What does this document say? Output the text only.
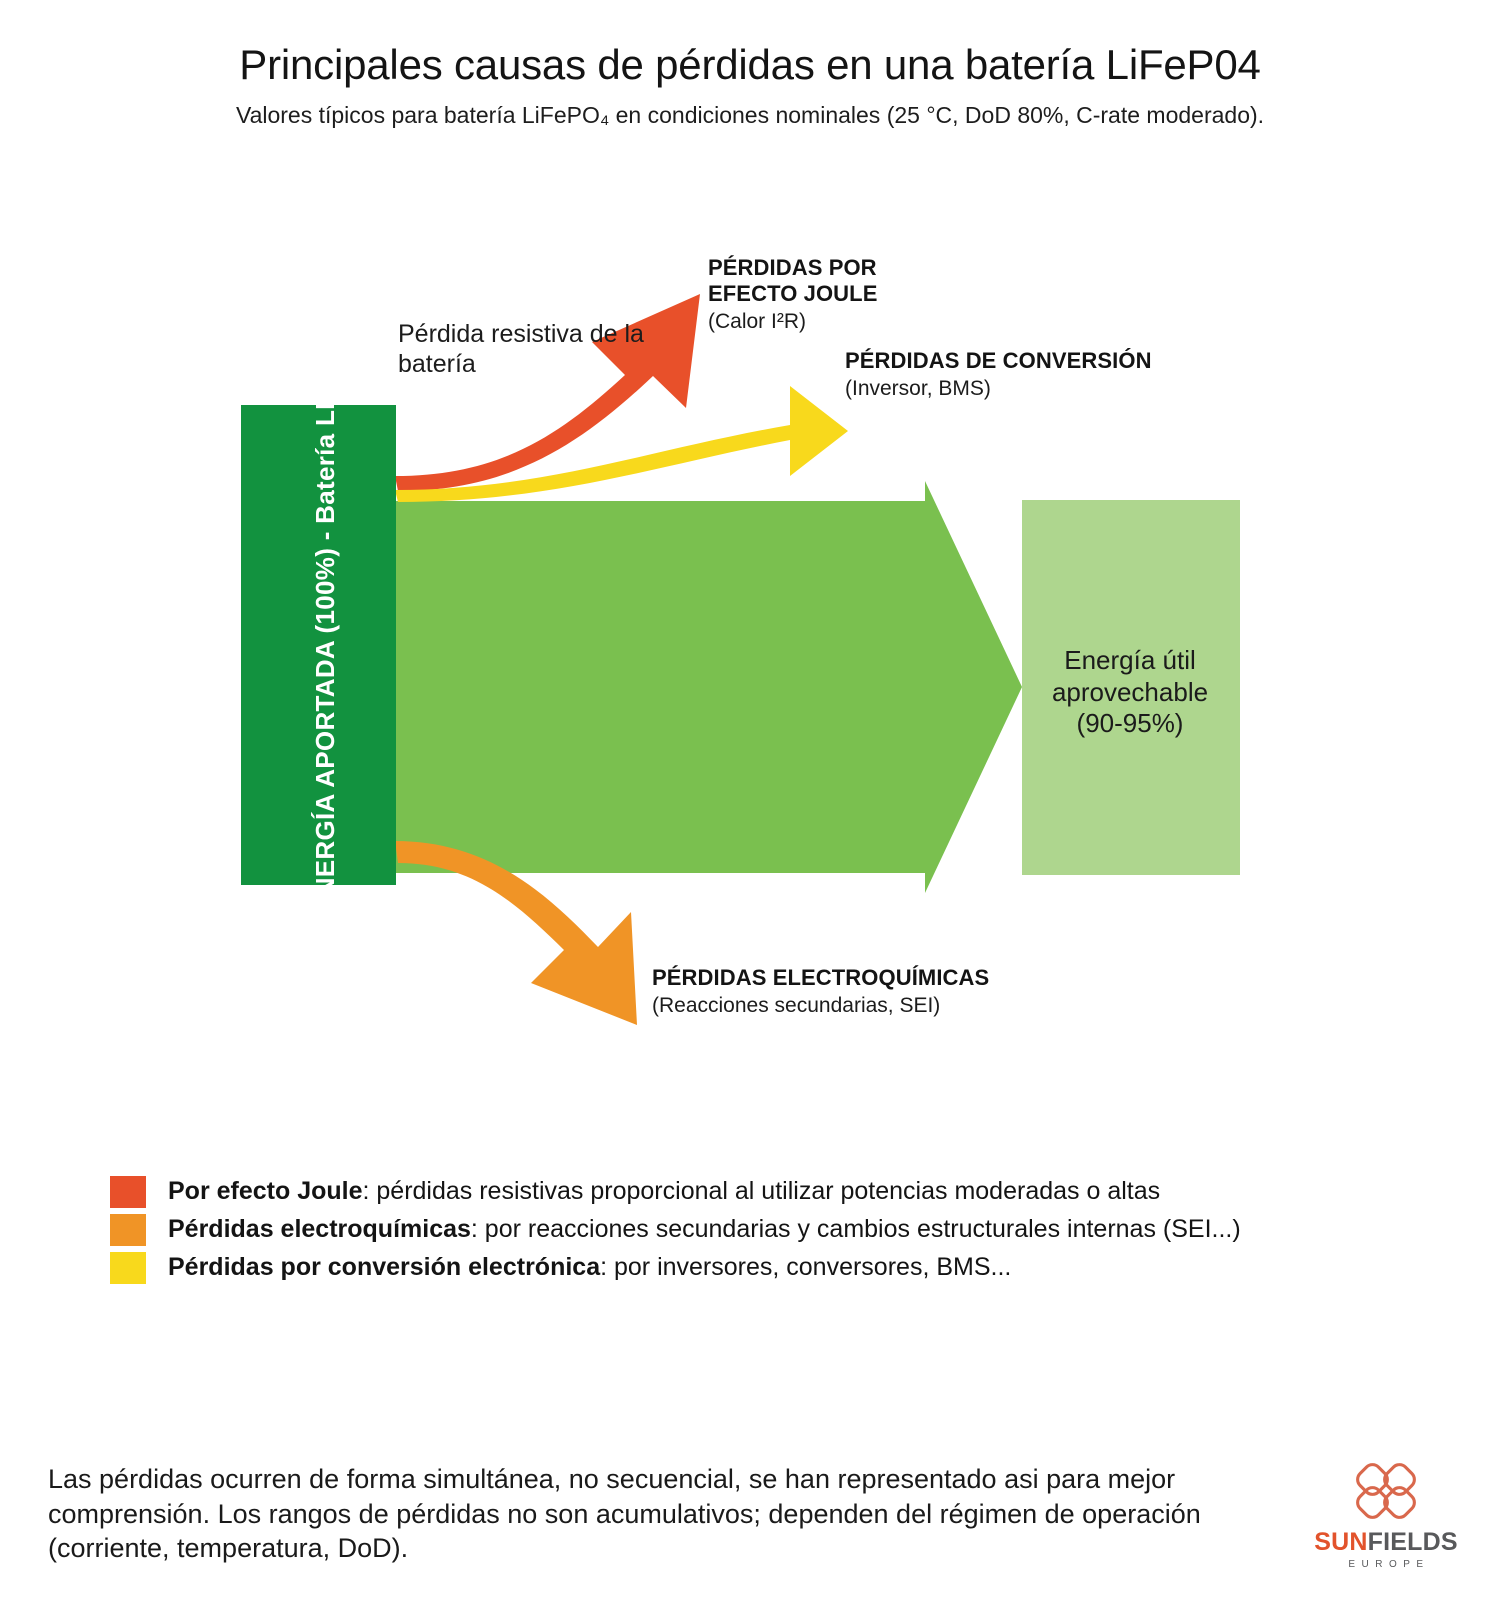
Principales causas de pérdidas en una batería LiFeP04

Valores típicos para batería LiFePO₄ en condiciones nominales (25 °C, DoD 80%, C-rate moderado).

ENERGÍA APORTADA (100%) - Batería LFP
Pérdida resistiva de la batería

PÉRDIDAS POR

EFECTO JOULE

(Calor I²R)

PÉRDIDAS DE CONVERSIÓN

(Inversor, BMS)

PÉRDIDAS ELECTROQUÍMICAS

(Reacciones secundarias, SEI)

Energía útil
aprovechable
(90-95%)
Por efecto Joule: pérdidas resistivas proporcional al utilizar potencias moderadas o altas
Pérdidas electroquímicas: por reacciones secundarias y cambios estructurales internas (SEI...)
Pérdidas por conversión electrónica: por inversores, conversores, BMS...
Las pérdidas ocurren de forma simultánea, no secuencial, se han representado asi para mejor comprensión. Los rangos de pérdidas no son acumulativos; dependen del régimen de operación (corriente, temperatura, DoD).	SUNFIELDS
EUROPE
